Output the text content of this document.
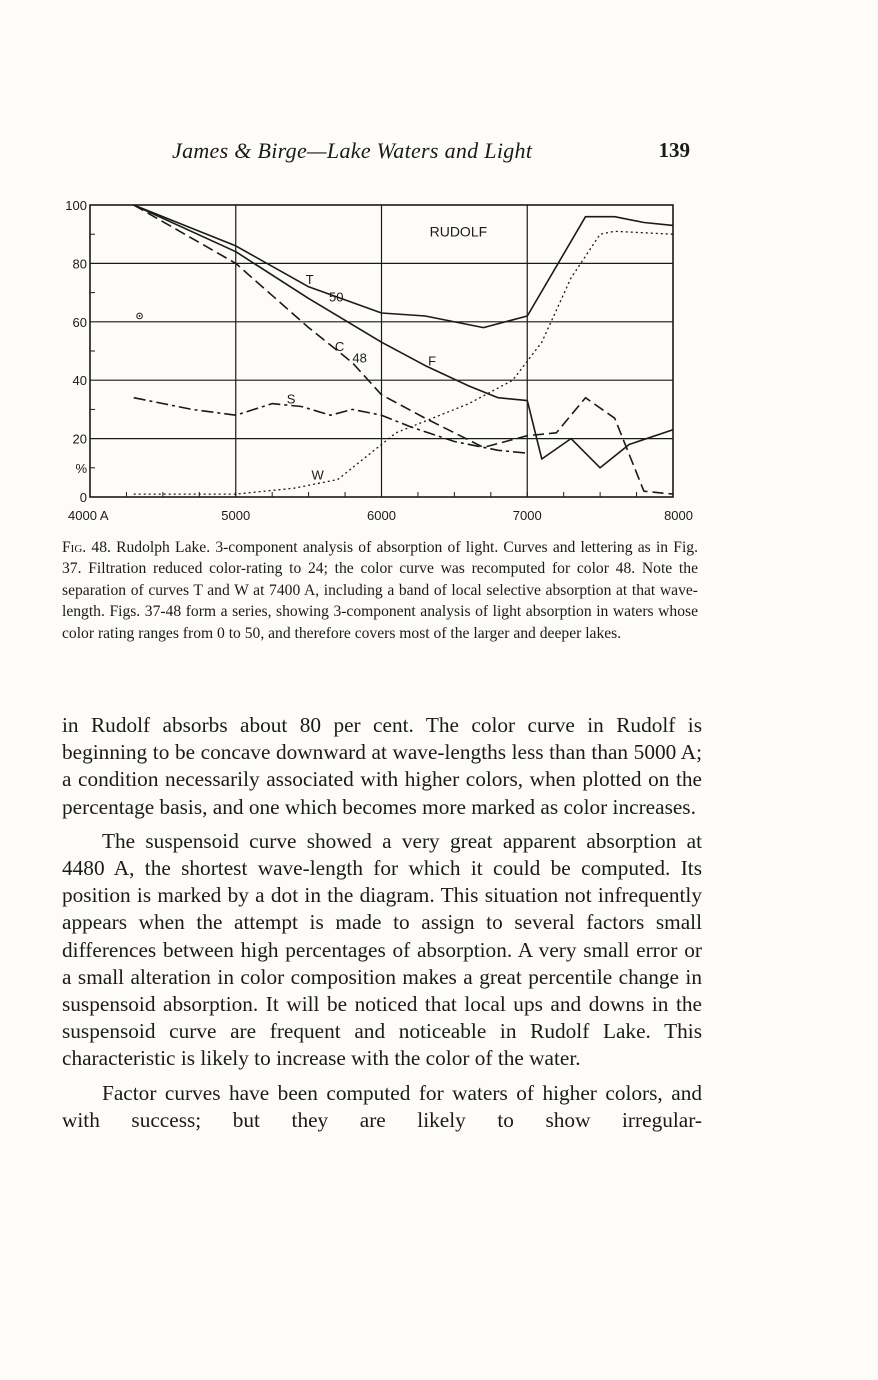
James & Birge—Lake Waters and Light	139
0
%
20
40
60
80
100
4000 A	5000	6000	7000	8000
RUDOLF
T
50
F
C
48
S
W
Fig. 48. Rudolph Lake. 3-component analysis of absorption of light. Curves and lettering as in Fig. 37. Filtration reduced color-rating to 24; the color curve was recomputed for color 48. Note the separation of curves T and W at 7400 A, including a band of local selective absorption at that wave-length. Figs. 37-48 form a series, showing 3-component analysis of light absorption in waters whose color rating ranges from 0 to 50, and therefore covers most of the larger and deeper lakes.

in Rudolf absorbs about 80 per cent. The color curve in Rudolf is beginning to be concave downward at wave-lengths less than than 5000 A; a condition necessarily associated with higher colors, when plotted on the percentage basis, and one which becomes more marked as color increases.

The suspensoid curve showed a very great apparent absorption at 4480 A, the shortest wave-length for which it could be computed. Its position is marked by a dot in the diagram. This situation not infrequently appears when the attempt is made to assign to several factors small differences between high percentages of absorption. A very small error or a small alteration in color composition makes a great percentile change in suspensoid absorption. It will be noticed that local ups and downs in the suspensoid curve are frequent and noticeable in Rudolf Lake. This characteristic is likely to increase with the color of the water.

Factor curves have been computed for waters of higher colors, and with success; but they are likely to show irregular-
